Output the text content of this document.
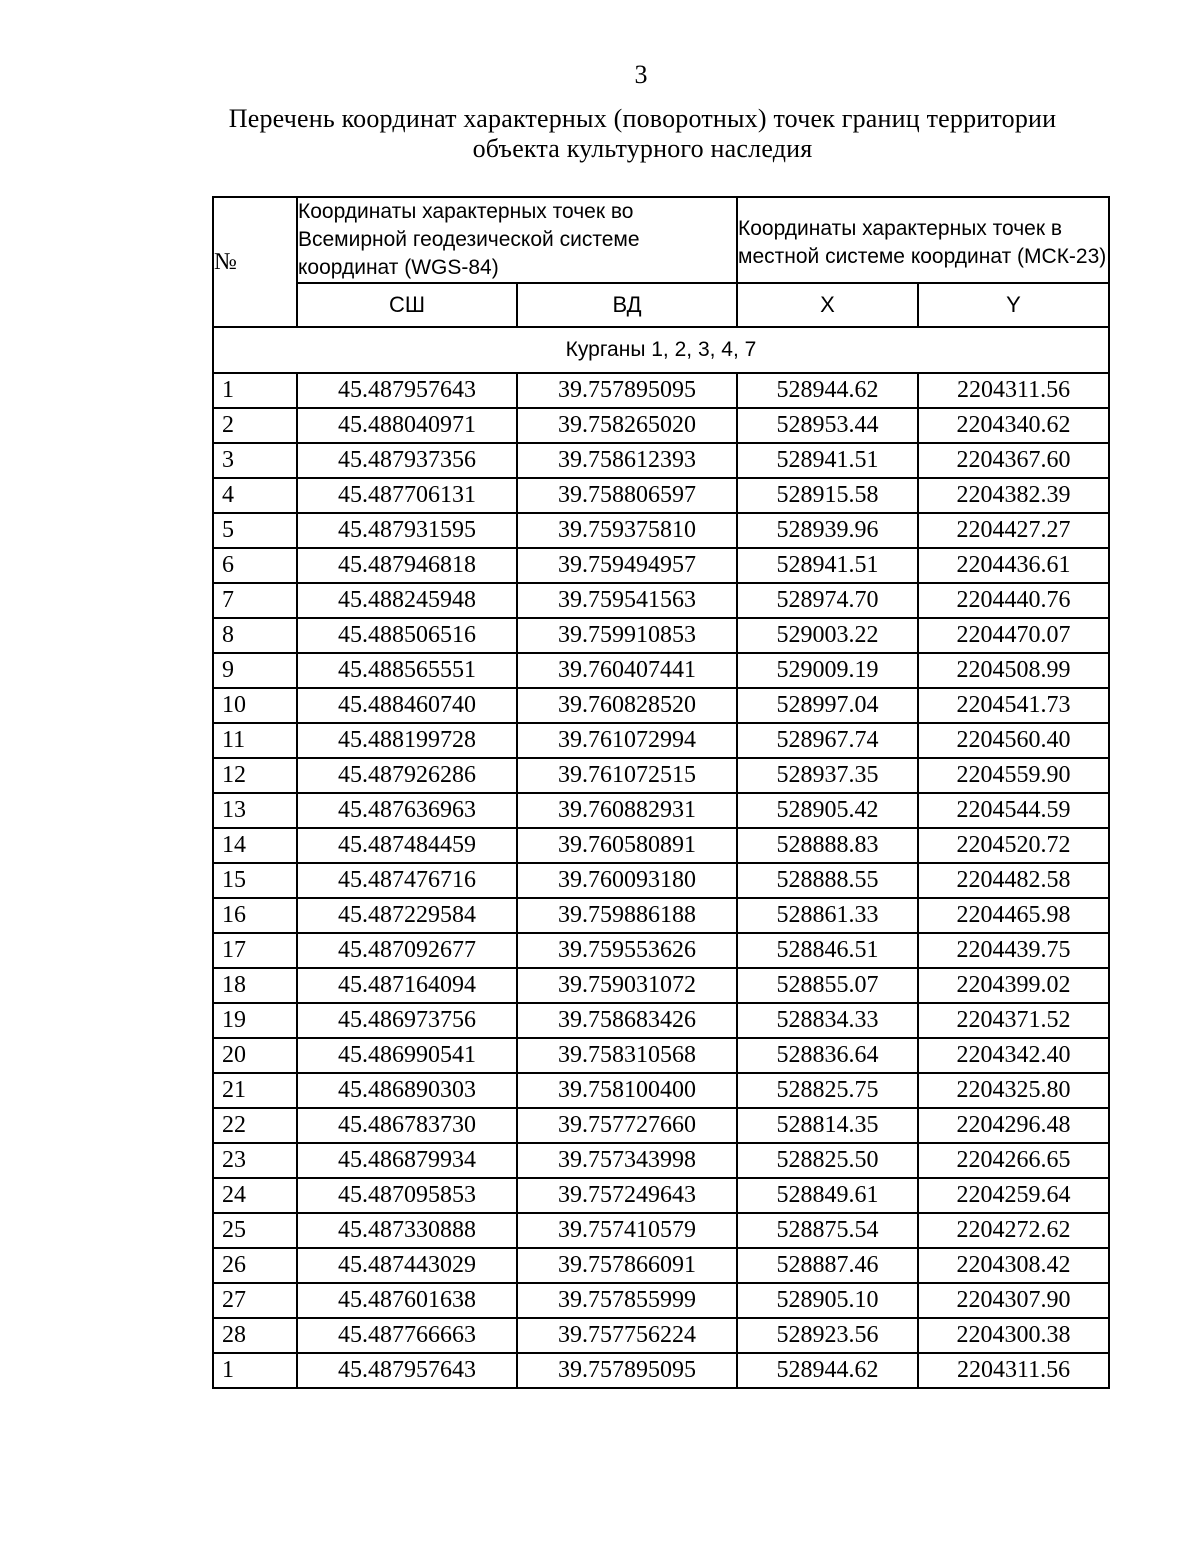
3
Перечень координат характерных (поворотных) точек границ территории
объекта культурного наследия
№	Координаты характерных точек во Всемирной геодезической системе координат (WGS-84)		Координаты характерных точек в местной системе координат (МСК-23)	
	СШ	ВД	X	Y
Курганы 1, 2, 3, 4, 7				
1	45.487957643	39.757895095	528944.62	2204311.56
2	45.488040971	39.758265020	528953.44	2204340.62
3	45.487937356	39.758612393	528941.51	2204367.60
4	45.487706131	39.758806597	528915.58	2204382.39
5	45.487931595	39.759375810	528939.96	2204427.27
6	45.487946818	39.759494957	528941.51	2204436.61
7	45.488245948	39.759541563	528974.70	2204440.76
8	45.488506516	39.759910853	529003.22	2204470.07
9	45.488565551	39.760407441	529009.19	2204508.99
10	45.488460740	39.760828520	528997.04	2204541.73
11	45.488199728	39.761072994	528967.74	2204560.40
12	45.487926286	39.761072515	528937.35	2204559.90
13	45.487636963	39.760882931	528905.42	2204544.59
14	45.487484459	39.760580891	528888.83	2204520.72
15	45.487476716	39.760093180	528888.55	2204482.58
16	45.487229584	39.759886188	528861.33	2204465.98
17	45.487092677	39.759553626	528846.51	2204439.75
18	45.487164094	39.759031072	528855.07	2204399.02
19	45.486973756	39.758683426	528834.33	2204371.52
20	45.486990541	39.758310568	528836.64	2204342.40
21	45.486890303	39.758100400	528825.75	2204325.80
22	45.486783730	39.757727660	528814.35	2204296.48
23	45.486879934	39.757343998	528825.50	2204266.65
24	45.487095853	39.757249643	528849.61	2204259.64
25	45.487330888	39.757410579	528875.54	2204272.62
26	45.487443029	39.757866091	528887.46	2204308.42
27	45.487601638	39.757855999	528905.10	2204307.90
28	45.487766663	39.757756224	528923.56	2204300.38
1	45.487957643	39.757895095	528944.62	2204311.56
